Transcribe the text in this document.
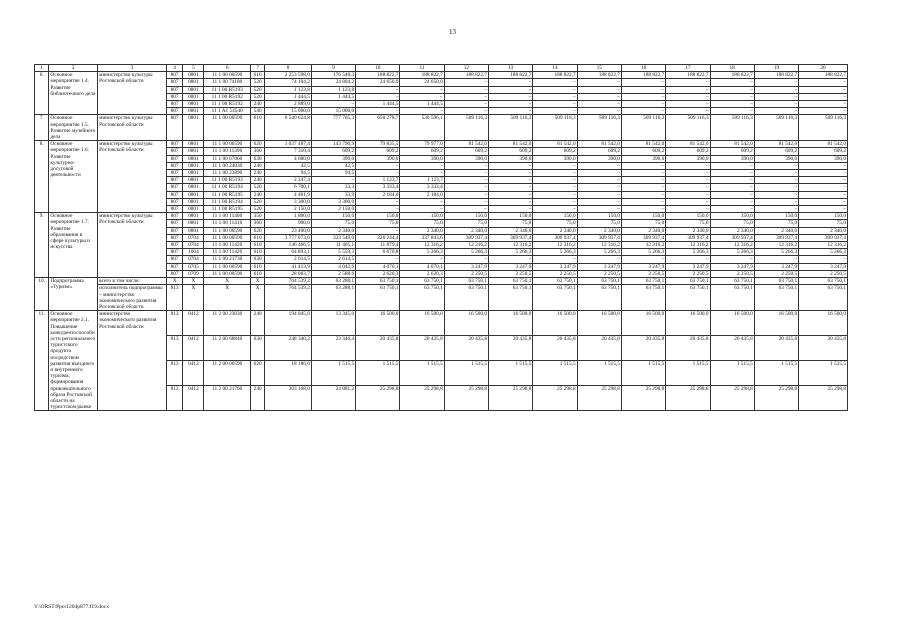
13
1	2	3	4	5	6	7	8	9	10	11	12	13	14	15	16	17	18	19	20
6.	Основное мероприятие 1.4. Развитие библиотечного дела	министерство культуры Ростовской области	807	0801	11 1 00 00590	610	2 253 598,0	176 548,3	188 822,7	188 822,7	188 822,7	188 822,7	188 822,7	188 822,7	188 822,7	188 822,7	188 822,7	188 822,7	188 822,7
			807	0801	11 1 00 74180	520	74 104,2	24 804,2	24 650,0	24 650,0	–	–	–	–	–	–	–	–	–
			807	0801	11 1 00 R5193	520	1 123,8	1 123,8	–	–	–	–	–	–	–	–	–	–	–
			807	0801	11 1 00 R5192	520	1 444,5	1 444,5	–	–	–	–	–	–	–	–	–	–	–
			807	0801	11 1 00 R5192	240	2 889,0	–	1 444,5	1 444,5	–	–	–	–	–	–	–	–	–
			807	0801	11 1 A1 54540	540	15 000,0	15 000,0	–	–	–	–	–	–	–	–	–	–	–
7.	Основное мероприятие 1.5. Развитие музейного дела	министерство культуры Ростовской области	807	0801	11 1 00 00590	610	6 540 624,8	777 705,3	650 278,7	530 596,1	509 116,3	509 116,3	509 116,3	509 116,3	509 116,3	509 116,3	509 116,3	509 116,3	509 116,3
8.	Основное мероприятие 1.6. Развитие культурно-досуговой деятельности	министерство культуры Ростовской области	807	0801	11 1 00 00590	620	1 037 487,4	143 796,9	79 835,5	79 977,0	81 542,0	81 542,0	81 542,0	81 542,0	81 542,0	81 542,0	81 542,0	81 542,0	81 542,0
			807	0801	11 1 00 11390	360	7 310,4	609,2	609,2	609,2	609,2	609,2	609,2	609,2	609,2	609,2	609,2	609,2	609,2
			807	0801	11 1 00 67060	630	4 680,0	390,0	390,0	390,0	390,0	390,0	390,0	390,0	390,0	390,0	390,0	390,0	390,0
			807	0801	11 1 00 24030	240	42,5	42,5	–	–	–	–	–	–	–	–	–	–	–
			807	0801	11 1 00 23890	240	94,5	94,5	–	–	–	–	–	–	–	–	–	–	–
			807	0801	11 1 00 R5193	240	2 247,4	–	1 123,7	1 123,7	–	–	–	–	–	–	–	–	–
			807	0801	11 1 00 R5194	520	6 700,1	33,3	3 333,4	3 333,4	–	–	–	–	–	–	–	–	–
			807	0801	11 1 00 R5195	240	4 401,9	33,9	2 184,0	2 184,0	–	–	–	–	–	–	–	–	–
			807	0801	11 1 00 R5194	520	3 300,0	3 300,0	–	–	–	–	–	–	–	–	–	–	–
			807	0801	11 1 00 R5195	520	2 150,0	2 150,0	–	–	–	–	–	–	–	–	–	–	–
9.	Основное мероприятие 1.7. Развитие образования в сфере культуры и искусства	министерство культуры Ростовской области	807	0801	11 1 00 11400	350	1 800,0	150,0	150,0	150,0	150,0	150,0	150,0	150,0	150,0	150,0	150,0	150,0	150,0
			807	0801	11 1 00 11410	360	900,0	75,0	75,0	75,0	75,0	75,0	75,0	75,0	75,0	75,0	75,0	75,0	75,0
			807	0801	11 1 00 00590	620	23 400,0	2 340,0	–	2 340,0	2 340,0	2 340,0	2 340,0	2 340,0	2 340,0	2 340,0	2 340,0	2 340,0	2 340,0
			807	0704	11 1 00 00590	610	3 777 073,6	323 549,0	326 244,4	337 843,6	309 937,4	309 937,4	309 937,4	309 937,4	309 937,4	309 937,4	309 937,4	309 937,4	309 937,4
			807	0704	11 1 00 11420	610	146 466,5	11 405,1	11 879,4	12 316,2	12 316,2	12 316,2	12 316,2	12 316,2	12 316,2	12 316,2	12 316,2	12 316,2	12 316,2
			807	1004	11 1 00 11420	610	64 893,1	5 559,3	6 670,8	5 266,3	5 266,3	5 266,3	5 266,3	5 266,3	5 266,3	5 266,3	5 266,3	5 266,3	5 266,3
			807	0704	11 1 00 21730	630	2 614,5	2 614,5	–	–	–	–	–	–	–	–	–	–	–
			807	0705	11 1 00 00590	610	41 413,9	4 042,6	4 070,1	4 070,1	3 247,9	3 247,9	3 247,9	3 247,9	3 247,9	3 247,9	3 247,9	3 247,9	3 247,9
			807	0709	11 1 00 00590	610	28 083,7	2 588,6	2 620,3	2 620,3	2 250,5	2 250,5	2 250,5	2 250,5	2 250,5	2 250,5	2 250,5	2 250,5	2 250,5
10.	Подпрограмма «Туризм»	всего в том числе:	X	X	X	X	764 539,2	63 288,1	63 750,1	63 750,1	63 750,1	63 750,1	63 750,1	63 750,1	63 750,1	63 750,1	63 750,1	63 750,1	63 750,1
		исполнитель подпрограммы – министерство экономического развития Ростовской области	813	X	X	X	764 539,2	63 288,1	63 750,1	63 750,1	63 750,1	63 750,1	63 750,1	63 750,1	63 750,1	63 750,1	63 750,1	63 750,1	63 750,1
11.	Основное мероприятие 2.1. Повышение конкурентоспособности регионального туристского продукта посредством развития въездного и внутреннего туризма, формирования привлекательного образа Ростовской области на туристском рынке	министерство экономического развития Ростовской области	813	0412	11 2 00 23030	240	194 845,0	13 345,0	16 500,0	16 500,0	16 500,0	16 500,0	16 500,0	16 500,0	16 500,0	16 500,0	16 500,0	16 500,0	16 500,0
			813	0412	11 2 00 68840	630	248 340,2	23 346,4	20 435,8	20 435,8	20 435,8	20 435,8	20 435,8	20 435,8	20 435,8	20 435,8	20 435,8	20 435,8	20 435,8
			813	0412	11 2 00 00590	620	18 186,0	1 515,5	1 515,5	1 515,5	1 515,5	1 515,5	1 515,5	1 515,5	1 515,5	1 515,5	1 515,5	1 515,5	1 515,5
			813	0412	11 2 00 21760	240	303 168,0	24 881,2	25 298,8	25 298,8	25 298,8	25 298,8	25 298,8	25 298,8	25 298,8	25 298,8	25 298,8	25 298,8	25 298,8
Y:\ORST\Ppo\1204p877.f19.docx
